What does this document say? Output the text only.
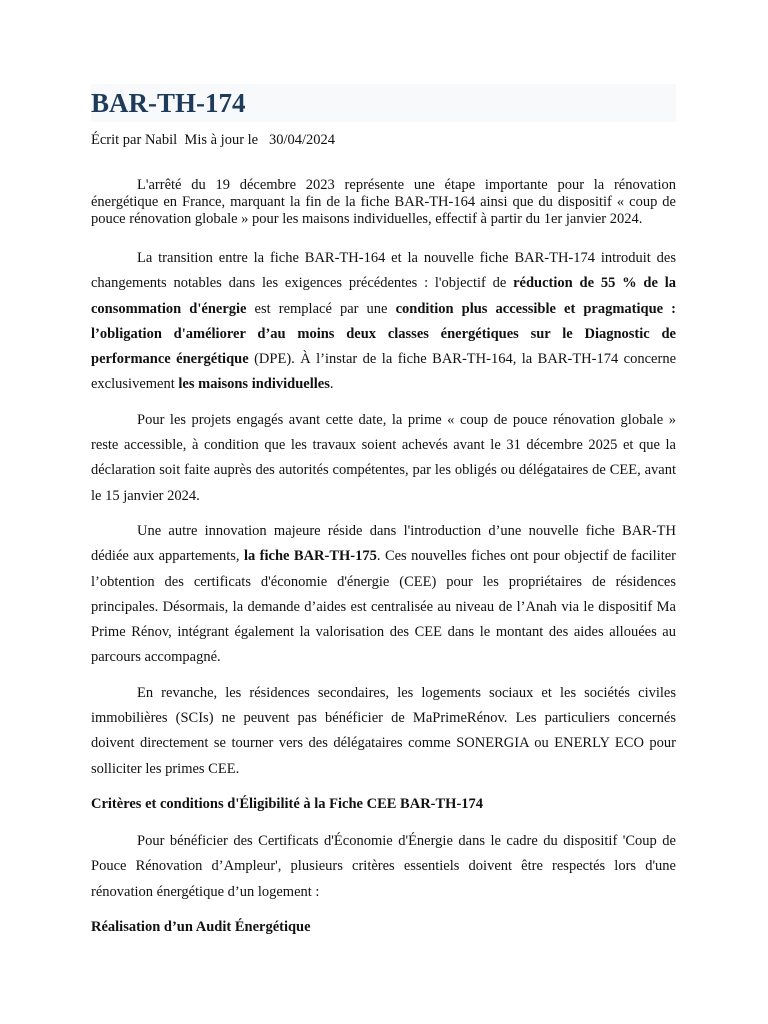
BAR-TH-174
Écrit par Nabil Mis à jour le 30/04/2024

L'arrêté du 19 décembre 2023 représente une étape importante pour la rénovation énergétique en France, marquant la fin de la fiche BAR-TH-164 ainsi que du dispositif « coup de pouce rénovation globale » pour les maisons individuelles, effectif à partir du 1er janvier 2024.

La transition entre la fiche BAR-TH-164 et la nouvelle fiche BAR-TH-174 introduit des changements notables dans les exigences précédentes : l'objectif de réduction de 55 % de la consommation d'énergie est remplacé par une condition plus accessible et pragmatique : l’obligation d'améliorer d’au moins deux classes énergétiques sur le Diagnostic de performance énergétique (DPE). À l’instar de la fiche BAR-TH-164, la BAR-TH-174 concerne exclusivement les maisons individuelles.

Pour les projets engagés avant cette date, la prime « coup de pouce rénovation globale » reste accessible, à condition que les travaux soient achevés avant le 31 décembre 2025 et que la déclaration soit faite auprès des autorités compétentes, par les obligés ou délégataires de CEE, avant le 15 janvier 2024.

Une autre innovation majeure réside dans l'introduction d’une nouvelle fiche BAR-TH dédiée aux appartements, la fiche BAR-TH-175. Ces nouvelles fiches ont pour objectif de faciliter l’obtention des certificats d'économie d'énergie (CEE) pour les propriétaires de résidences principales. Désormais, la demande d’aides est centralisée au niveau de l’Anah via le dispositif Ma Prime Rénov, intégrant également la valorisation des CEE dans le montant des aides allouées au parcours accompagné.

En revanche, les résidences secondaires, les logements sociaux et les sociétés civiles immobilières (SCIs) ne peuvent pas bénéficier de MaPrimeRénov. Les particuliers concernés doivent directement se tourner vers des délégataires comme SONERGIA ou ENERLY ECO pour solliciter les primes CEE.

Critères et conditions d'Éligibilité à la Fiche CEE BAR-TH-174

Pour bénéficier des Certificats d'Économie d'Énergie dans le cadre du dispositif 'Coup de Pouce Rénovation d’Ampleur', plusieurs critères essentiels doivent être respectés lors d'une rénovation énergétique d’un logement :

Réalisation d’un Audit Énergétique
